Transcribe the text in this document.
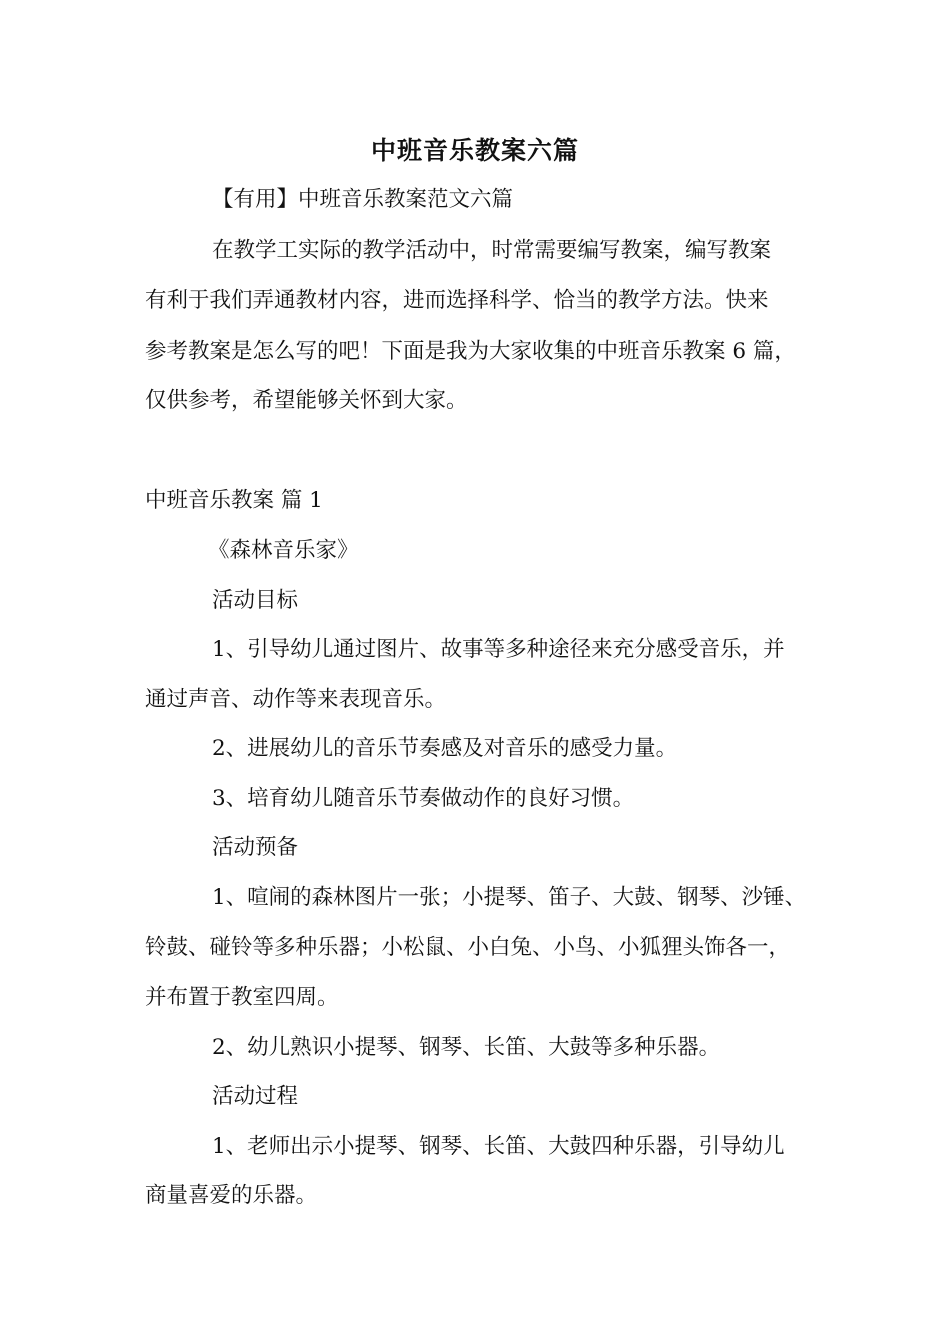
中班音乐教案六篇
【有用】中班音乐教案范文六篇
在教学工实际的教学活动中，时常需要编写教案，编写教案
有利于我们弄通教材内容，进而选择科学、恰当的教学方法。快来
参考教案是怎么写的吧！下面是我为大家收集的中班音乐教案 6 篇，
仅供参考，希望能够关怀到大家。
中班音乐教案 篇 1
《森林音乐家》
活动目标
1、引导幼儿通过图片、故事等多种途径来充分感受音乐，并
通过声音、动作等来表现音乐。
2、进展幼儿的音乐节奏感及对音乐的感受力量。
3、培育幼儿随音乐节奏做动作的良好习惯。
活动预备
1、喧闹的森林图片一张；小提琴、笛子、大鼓、钢琴、沙锤、
铃鼓、碰铃等多种乐器；小松鼠、小白兔、小鸟、小狐狸头饰各一，
并布置于教室四周。
2、幼儿熟识小提琴、钢琴、长笛、大鼓等多种乐器。
活动过程
1、老师出示小提琴、钢琴、长笛、大鼓四种乐器，引导幼儿
商量喜爱的乐器。
